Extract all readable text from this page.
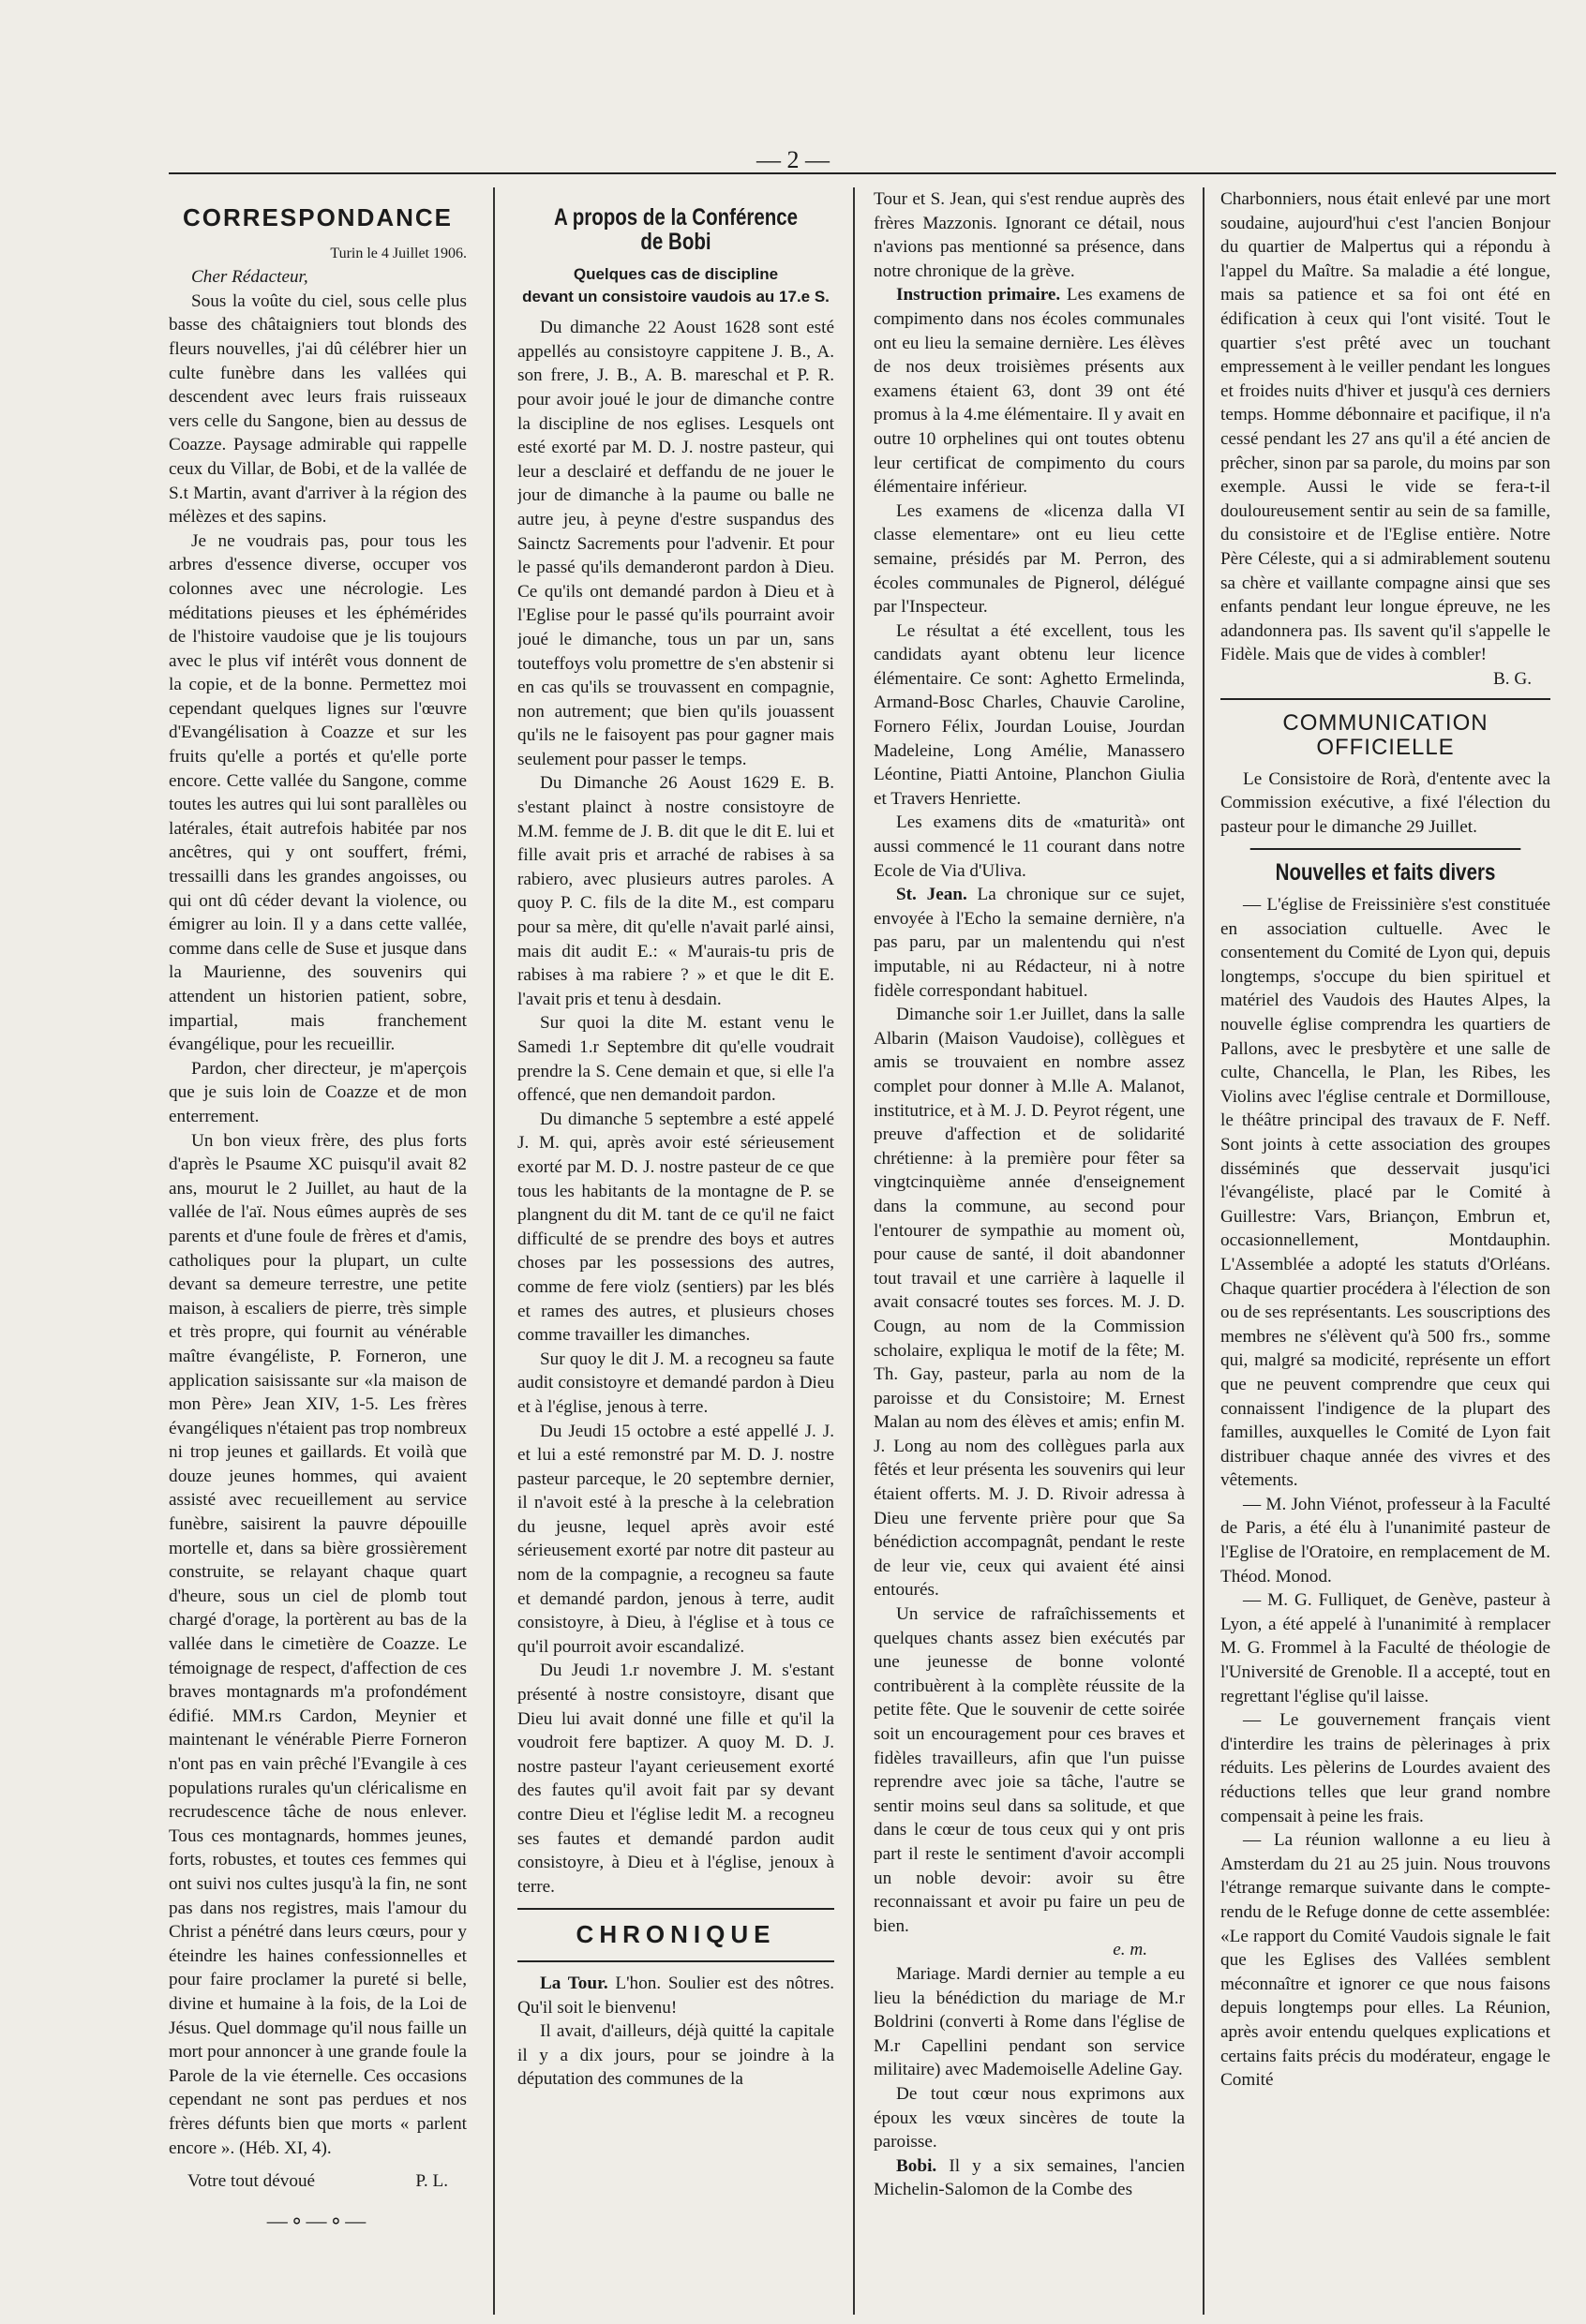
— 2 —
CORRESPONDANCE

Turin le 4 Juillet 1906.

Cher Rédacteur,

Sous la voûte du ciel, sous celle plus basse des châtaigniers tout blonds des fleurs nouvelles, j'ai dû célébrer hier un culte funèbre dans les vallées qui descendent avec leurs frais ruisseaux vers celle du Sangone, bien au dessus de Coazze. Paysage admirable qui rappelle ceux du Villar, de Bobi, et de la vallée de S.t Martin, avant d'arriver à la région des mélèzes et des sapins.

Je ne voudrais pas, pour tous les arbres d'essence diverse, occuper vos colonnes avec une nécrologie. Les méditations pieuses et les éphémérides de l'histoire vaudoise que je lis toujours avec le plus vif intérêt vous donnent de la copie, et de la bonne. Permettez moi cependant quelques lignes sur l'œuvre d'Evangélisation à Coazze et sur les fruits qu'elle a portés et qu'elle porte encore. Cette vallée du Sangone, comme toutes les autres qui lui sont parallèles ou latérales, était autrefois habitée par nos ancêtres, qui y ont souffert, frémi, tressailli dans les grandes angoisses, ou qui ont dû céder devant la violence, ou émigrer au loin. Il y a dans cette vallée, comme dans celle de Suse et jusque dans la Maurienne, des souvenirs qui attendent un historien patient, sobre, impartial, mais franchement évangélique, pour les recueillir.

Pardon, cher directeur, je m'aperçois que je suis loin de Coazze et de mon enterrement.

Un bon vieux frère, des plus forts d'après le Psaume XC puisqu'il avait 82 ans, mourut le 2 Juillet, au haut de la vallée de l'aï. Nous eûmes auprès de ses parents et d'une foule de frères et d'amis, catholiques pour la plupart, un culte devant sa demeure terrestre, une petite maison, à escaliers de pierre, très simple et très propre, qui fournit au vénérable maître évangéliste, P. Forneron, une application saisissante sur «la maison de mon Père» Jean XIV, 1-5. Les frères évangéliques n'étaient pas trop nombreux ni trop jeunes et gaillards. Et voilà que douze jeunes hommes, qui avaient assisté avec recueillement au service funèbre, saisirent la pauvre dépouille mortelle et, dans sa bière grossièrement construite, se relayant chaque quart d'heure, sous un ciel de plomb tout chargé d'orage, la portèrent au bas de la vallée dans le cimetière de Coazze. Le témoignage de respect, d'affection de ces braves montagnards m'a profondément édifié. MM.rs Cardon, Meynier et maintenant le vénérable Pierre Forneron n'ont pas en vain prêché l'Evangile à ces populations rurales qu'un cléricalisme en recrudescence tâche de nous enlever. Tous ces montagnards, hommes jeunes, forts, robustes, et toutes ces femmes qui ont suivi nos cultes jusqu'à la fin, ne sont pas dans nos registres, mais l'amour du Christ a pénétré dans leurs cœurs, pour y éteindre les haines confessionnelles et pour faire proclamer la pureté si belle, divine et humaine à la fois, de la Loi de Jésus. Quel dommage qu'il nous faille un mort pour annoncer à une grande foule la Parole de la vie éternelle. Ces occasions cependant ne sont pas perdues et nos frères défunts bien que morts « parlent encore ». (Héb. XI, 4).

Votre tout dévoué	P. L.
—∘—∘—
A propos de la Conférence de Bobi
Quelques cas de discipline
devant un consistoire vaudois au 17.e S.

Du dimanche 22 Aoust 1628 sont esté appellés au consistoyre cappitene J. B., A. son frere, J. B., A. B. mareschal et P. R. pour avoir joué le jour de dimanche contre la discipline de nos eglises. Lesquels ont esté exorté par M. D. J. nostre pasteur, qui leur a desclairé et deffandu de ne jouer le jour de dimanche à la paume ou balle ne autre jeu, à peyne d'estre suspandus des Sainctz Sacrements pour l'advenir. Et pour le passé qu'ils demanderont pardon à Dieu. Ce qu'ils ont demandé pardon à Dieu et à l'Eglise pour le passé qu'ils pourraint avoir joué le dimanche, tous un par un, sans touteffoys volu promettre de s'en abstenir si en cas qu'ils se trouvassent en compagnie, non autrement; que bien qu'ils jouassent qu'ils ne le faisoyent pas pour gagner mais seulement pour passer le temps.

Du Dimanche 26 Aoust 1629 E. B. s'estant plainct à nostre consistoyre de M.M. femme de J. B. dit que le dit E. lui et fille avait pris et arraché de rabises à sa rabiero, avec plusieurs autres paroles. A quoy P. C. fils de la dite M., est comparu pour sa mère, dit qu'elle n'avait parlé ainsi, mais dit audit E.: « M'aurais-tu pris de rabises à ma rabiere ? » et que le dit E. l'avait pris et tenu à desdain.

Sur quoi la dite M. estant venu le Samedi 1.r Septembre dit qu'elle voudrait prendre la S. Cene demain et que, si elle l'a offencé, que nen demandoit pardon.

Du dimanche 5 septembre a esté appelé J. M. qui, après avoir esté sérieusement exorté par M. D. J. nostre pasteur de ce que tous les habitants de la montagne de P. se plangnent du dit M. tant de ce qu'il ne faict difficulté de se prendre des boys et autres choses par les possessions des autres, comme de fere violz (sentiers) par les blés et rames des autres, et plusieurs choses comme travailler les dimanches.

Sur quoy le dit J. M. a recogneu sa faute audit consistoyre et demandé pardon à Dieu et à l'église, jenous à terre.

Du Jeudi 15 octobre a esté appellé J. J. et lui a esté remonstré par M. D. J. nostre pasteur parceque, le 20 septembre dernier, il n'avoit esté à la presche à la celebration du jeusne, lequel après avoir esté sérieusement exorté par notre dit pasteur au nom de la compagnie, a recogneu sa faute et demandé pardon, jenous à terre, audit consistoyre, à Dieu, à l'église et à tous ce qu'il pourroit avoir escandalizé.

Du Jeudi 1.r novembre J. M. s'estant présenté à nostre consistoyre, disant que Dieu lui avait donné une fille et qu'il la voudroit fere baptizer. A quoy M. D. J. nostre pasteur l'ayant cerieusement exorté des fautes qu'il avoit fait par sy devant contre Dieu et l'église ledit M. a recogneu ses fautes et demandé pardon audit consistoyre, à Dieu et à l'église, jenoux à terre.

CHRONIQUE

La Tour. L'hon. Soulier est des nôtres. Qu'il soit le bienvenu!

Il avait, d'ailleurs, déjà quitté la capitale il y a dix jours, pour se joindre à la députation des communes de la

Tour et S. Jean, qui s'est rendue auprès des frères Mazzonis. Ignorant ce détail, nous n'avions pas mentionné sa présence, dans notre chronique de la grève.

Instruction primaire. Les examens de compimento dans nos écoles communales ont eu lieu la semaine dernière. Les élèves de nos deux troisièmes présents aux examens étaient 63, dont 39 ont été promus à la 4.me élémentaire. Il y avait en outre 10 orphelines qui ont toutes obtenu leur certificat de compimento du cours élémentaire inférieur.

Les examens de «licenza dalla VI classe elementare» ont eu lieu cette semaine, présidés par M. Perron, des écoles communales de Pignerol, délégué par l'Inspecteur.

Le résultat a été excellent, tous les candidats ayant obtenu leur licence élémentaire. Ce sont: Aghetto Ermelinda, Armand-Bosc Charles, Chauvie Caroline, Fornero Félix, Jourdan Louise, Jourdan Madeleine, Long Amélie, Manassero Léontine, Piatti Antoine, Planchon Giulia et Travers Henriette.

Les examens dits de «maturità» ont aussi commencé le 11 courant dans notre Ecole de Via d'Uliva.

St. Jean. La chronique sur ce sujet, envoyée à l'Echo la semaine dernière, n'a pas paru, par un malentendu qui n'est imputable, ni au Rédacteur, ni à notre fidèle correspondant habituel.

Dimanche soir 1.er Juillet, dans la salle Albarin (Maison Vaudoise), collègues et amis se trouvaient en nombre assez complet pour donner à M.lle A. Malanot, institutrice, et à M. J. D. Peyrot régent, une preuve d'affection et de solidarité chrétienne: à la première pour fêter sa vingtcinquième année d'enseignement dans la commune, au second pour l'entourer de sympathie au moment où, pour cause de santé, il doit abandonner tout travail et une carrière à laquelle il avait consacré toutes ses forces. M. J. D. Cougn, au nom de la Commission scholaire, expliqua le motif de la fête; M. Th. Gay, pasteur, parla au nom de la paroisse et du Consistoire; M. Ernest Malan au nom des élèves et amis; enfin M. J. Long au nom des collègues parla aux fêtés et leur présenta les souvenirs qui leur étaient offerts. M. J. D. Rivoir adressa à Dieu une fervente prière pour que Sa bénédiction accompagnât, pendant le reste de leur vie, ceux qui avaient été ainsi entourés.

Un service de rafraîchissements et quelques chants assez bien exécutés par une jeunesse de bonne volonté contribuèrent à la complète réussite de la petite fête. Que le souvenir de cette soirée soit un encouragement pour ces braves et fidèles travailleurs, afin que l'un puisse reprendre avec joie sa tâche, l'autre se sentir moins seul dans sa solitude, et que dans le cœur de tous ceux qui y ont pris part il reste le sentiment d'avoir accompli un noble devoir: avoir su être reconnaissant et avoir pu faire un peu de bien.

e. m.

Mariage. Mardi dernier au temple a eu lieu la bénédiction du mariage de M.r Boldrini (converti à Rome dans l'église de M.r Capellini pendant son service militaire) avec Mademoiselle Adeline Gay.

De tout cœur nous exprimons aux époux les vœux sincères de toute la paroisse.

Bobi. Il y a six semaines, l'ancien Michelin-Salomon de la Combe des

Charbonniers, nous était enlevé par une mort soudaine, aujourd'hui c'est l'ancien Bonjour du quartier de Malpertus qui a répondu à l'appel du Maître. Sa maladie a été longue, mais sa patience et sa foi ont été en édification à ceux qui l'ont visité. Tout le quartier s'est prêté avec un touchant empressement à le veiller pendant les longues et froides nuits d'hiver et jusqu'à ces derniers temps. Homme débonnaire et pacifique, il n'a cessé pendant les 27 ans qu'il a été ancien de prêcher, sinon par sa parole, du moins par son exemple. Aussi le vide se fera-t-il douloureusement sentir au sein de sa famille, du consistoire et de l'Eglise entière. Notre Père Céleste, qui a si admirablement soutenu sa chère et vaillante compagne ainsi que ses enfants pendant leur longue épreuve, ne les adandonnera pas. Ils savent qu'il s'appelle le Fidèle. Mais que de vides à combler!

B. G.

COMMUNICATION OFFICIELLE

Le Consistoire de Rorà, d'entente avec la Commission exécutive, a fixé l'élection du pasteur pour le dimanche 29 Juillet.

Nouvelles et faits divers

— L'église de Freissinière s'est constituée en association cultuelle. Avec le consentement du Comité de Lyon qui, depuis longtemps, s'occupe du bien spirituel et matériel des Vaudois des Hautes Alpes, la nouvelle église comprendra les quartiers de Pallons, avec le presbytère et une salle de culte, Chancella, le Plan, les Ribes, les Violins avec l'église centrale et Dormillouse, le théâtre principal des travaux de F. Neff. Sont joints à cette association des groupes disséminés que desservait jusqu'ici l'évangéliste, placé par le Comité à Guillestre: Vars, Briançon, Embrun et, occasionnellement, Montdauphin. L'Assemblée a adopté les statuts d'Orléans. Chaque quartier procédera à l'élection de son ou de ses représentants. Les souscriptions des membres ne s'élèvent qu'à 500 frs., somme qui, malgré sa modicité, représente un effort que ne peuvent comprendre que ceux qui connaissent l'indigence de la plupart des familles, auxquelles le Comité de Lyon fait distribuer chaque année des vivres et des vêtements.

— M. John Viénot, professeur à la Faculté de Paris, a été élu à l'unanimité pasteur de l'Eglise de l'Oratoire, en remplacement de M. Théod. Monod.

— M. G. Fulliquet, de Genève, pasteur à Lyon, a été appelé à l'unanimité à remplacer M. G. Frommel à la Faculté de théologie de l'Université de Grenoble. Il a accepté, tout en regrettant l'église qu'il laisse.

— Le gouvernement français vient d'interdire les trains de pèlerinages à prix réduits. Les pèlerins de Lourdes avaient des réductions telles que leur grand nombre compensait à peine les frais.

— La réunion wallonne a eu lieu à Amsterdam du 21 au 25 juin. Nous trouvons l'étrange remarque suivante dans le compte-rendu de le Refuge donne de cette assemblée: «Le rapport du Comité Vaudois signale le fait que les Eglises des Vallées semblent méconnaître et ignorer ce que nous faisons depuis longtemps pour elles. La Réunion, après avoir entendu quelques explications et certains faits précis du modérateur, engage le Comité
